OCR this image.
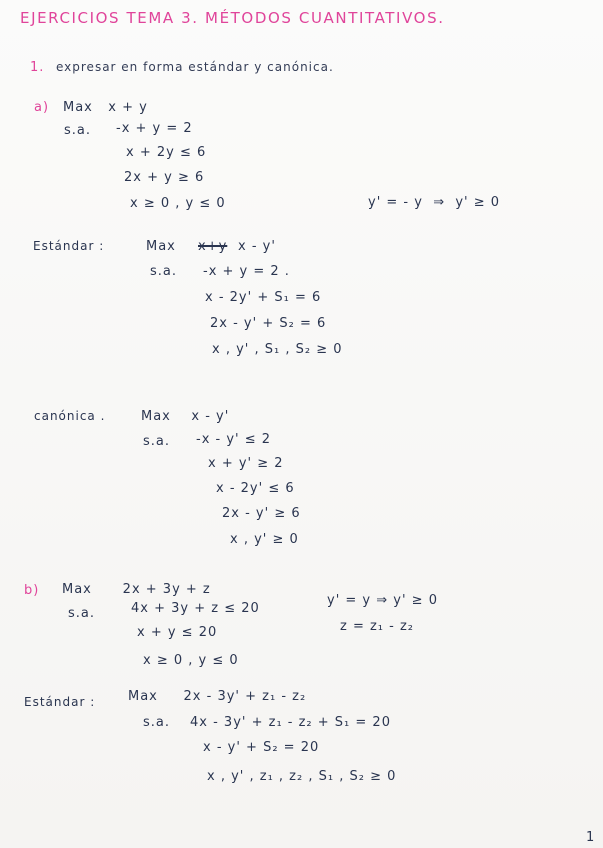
EJERCICIOS TEMA 3. MÉTODOS CUANTITATIVOS.
1. expresar en forma estándar y canónica.
a) Max   x + y
s.a. -x + y = 2
x + 2y ≤ 6
2x + y ≥ 6
x ≥ 0 , y ≤ 0	y' = - y  ⇒  y' ≥ 0
Estándar :	Max x+y x - y'
s.a. -x + y = 2 .
x - 2y' + S₁ = 6
2x - y' + S₂ = 6
x , y' , S₁ , S₂ ≥ 0
canónica .	Max    x - y'
s.a. -x - y' ≤ 2
x + y' ≥ 2
x - 2y' ≤ 6
2x - y' ≥ 6
x , y' ≥ 0
b) Max      2x + 3y + z
s.a.	4x + 3y + z ≤ 20
x + y ≤ 20
x ≥ 0 , y ≤ 0
y' = y ⇒ y' ≥ 0
z = z₁ - z₂
Estándar :	Max     2x - 3y' + z₁ - z₂
s.a. 4x - 3y' + z₁ - z₂ + S₁ = 20
x - y' + S₂ = 20
x , y' , z₁ , z₂ , S₁ , S₂ ≥ 0
1
